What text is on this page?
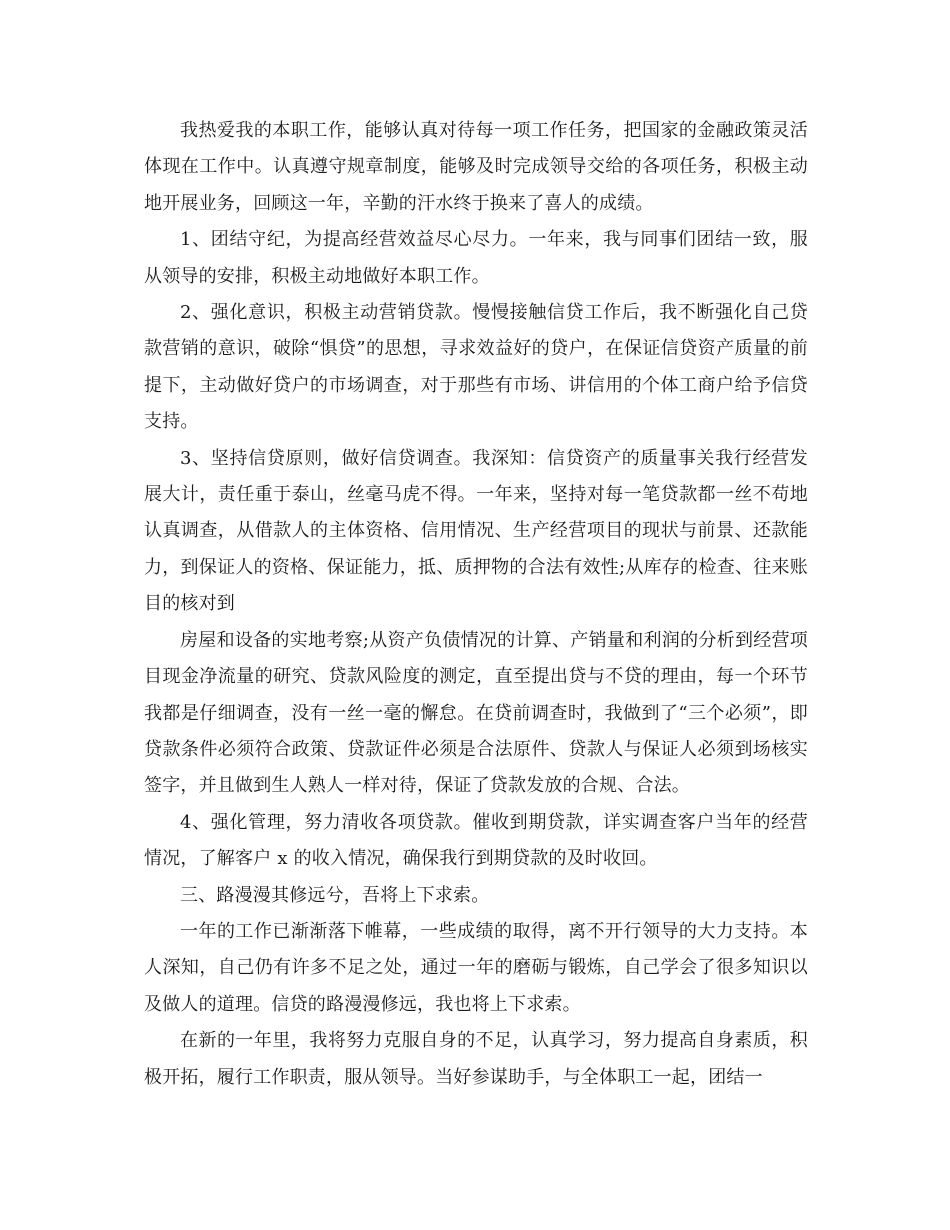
我热爱我的本职工作，能够认真对待每一项工作任务，把国家的金融政策灵活体现在工作中。认真遵守规章制度，能够及时完成领导交给的各项任务，积极主动地开展业务，回顾这一年，辛勤的汗水终于换来了喜人的成绩。

1、团结守纪，为提高经营效益尽心尽力。一年来，我与同事们团结一致，服从领导的安排，积极主动地做好本职工作。

2、强化意识，积极主动营销贷款。慢慢接触信贷工作后，我不断强化自己贷款营销的意识，破除“惧贷”的思想，寻求效益好的贷户，在保证信贷资产质量的前提下，主动做好贷户的市场调查，对于那些有市场、讲信用的个体工商户给予信贷支持。

3、坚持信贷原则，做好信贷调查。我深知：信贷资产的质量事关我行经营发展大计，责任重于泰山，丝毫马虎不得。一年来，坚持对每一笔贷款都一丝不苟地认真调查，从借款人的主体资格、信用情况、生产经营项目的现状与前景、还款能力，到保证人的资格、保证能力，抵、质押物的合法有效性;从库存的检查、往来账目的核对到

房屋和设备的实地考察;从资产负债情况的计算、产销量和利润的分析到经营项目现金净流量的研究、贷款风险度的测定，直至提出贷与不贷的理由，每一个环节我都是仔细调查，没有一丝一毫的懈怠。在贷前调查时，我做到了“三个必须”，即贷款条件必须符合政策、贷款证件必须是合法原件、贷款人与保证人必须到场核实签字，并且做到生人熟人一样对待，保证了贷款发放的合规、合法。

4、强化管理，努力清收各项贷款。催收到期贷款，详实调查客户当年的经营情况，了解客户 x 的收入情况，确保我行到期贷款的及时收回。

三、路漫漫其修远兮，吾将上下求索。

一年的工作已渐渐落下帷幕，一些成绩的取得，离不开行领导的大力支持。本人深知，自己仍有许多不足之处，通过一年的磨砺与锻炼，自己学会了很多知识以及做人的道理。信贷的路漫漫修远，我也将上下求索。

在新的一年里，我将努力克服自身的不足，认真学习，努力提高自身素质，积极开拓，履行工作职责，服从领导。当好参谋助手，与全体职工一起，团结一
